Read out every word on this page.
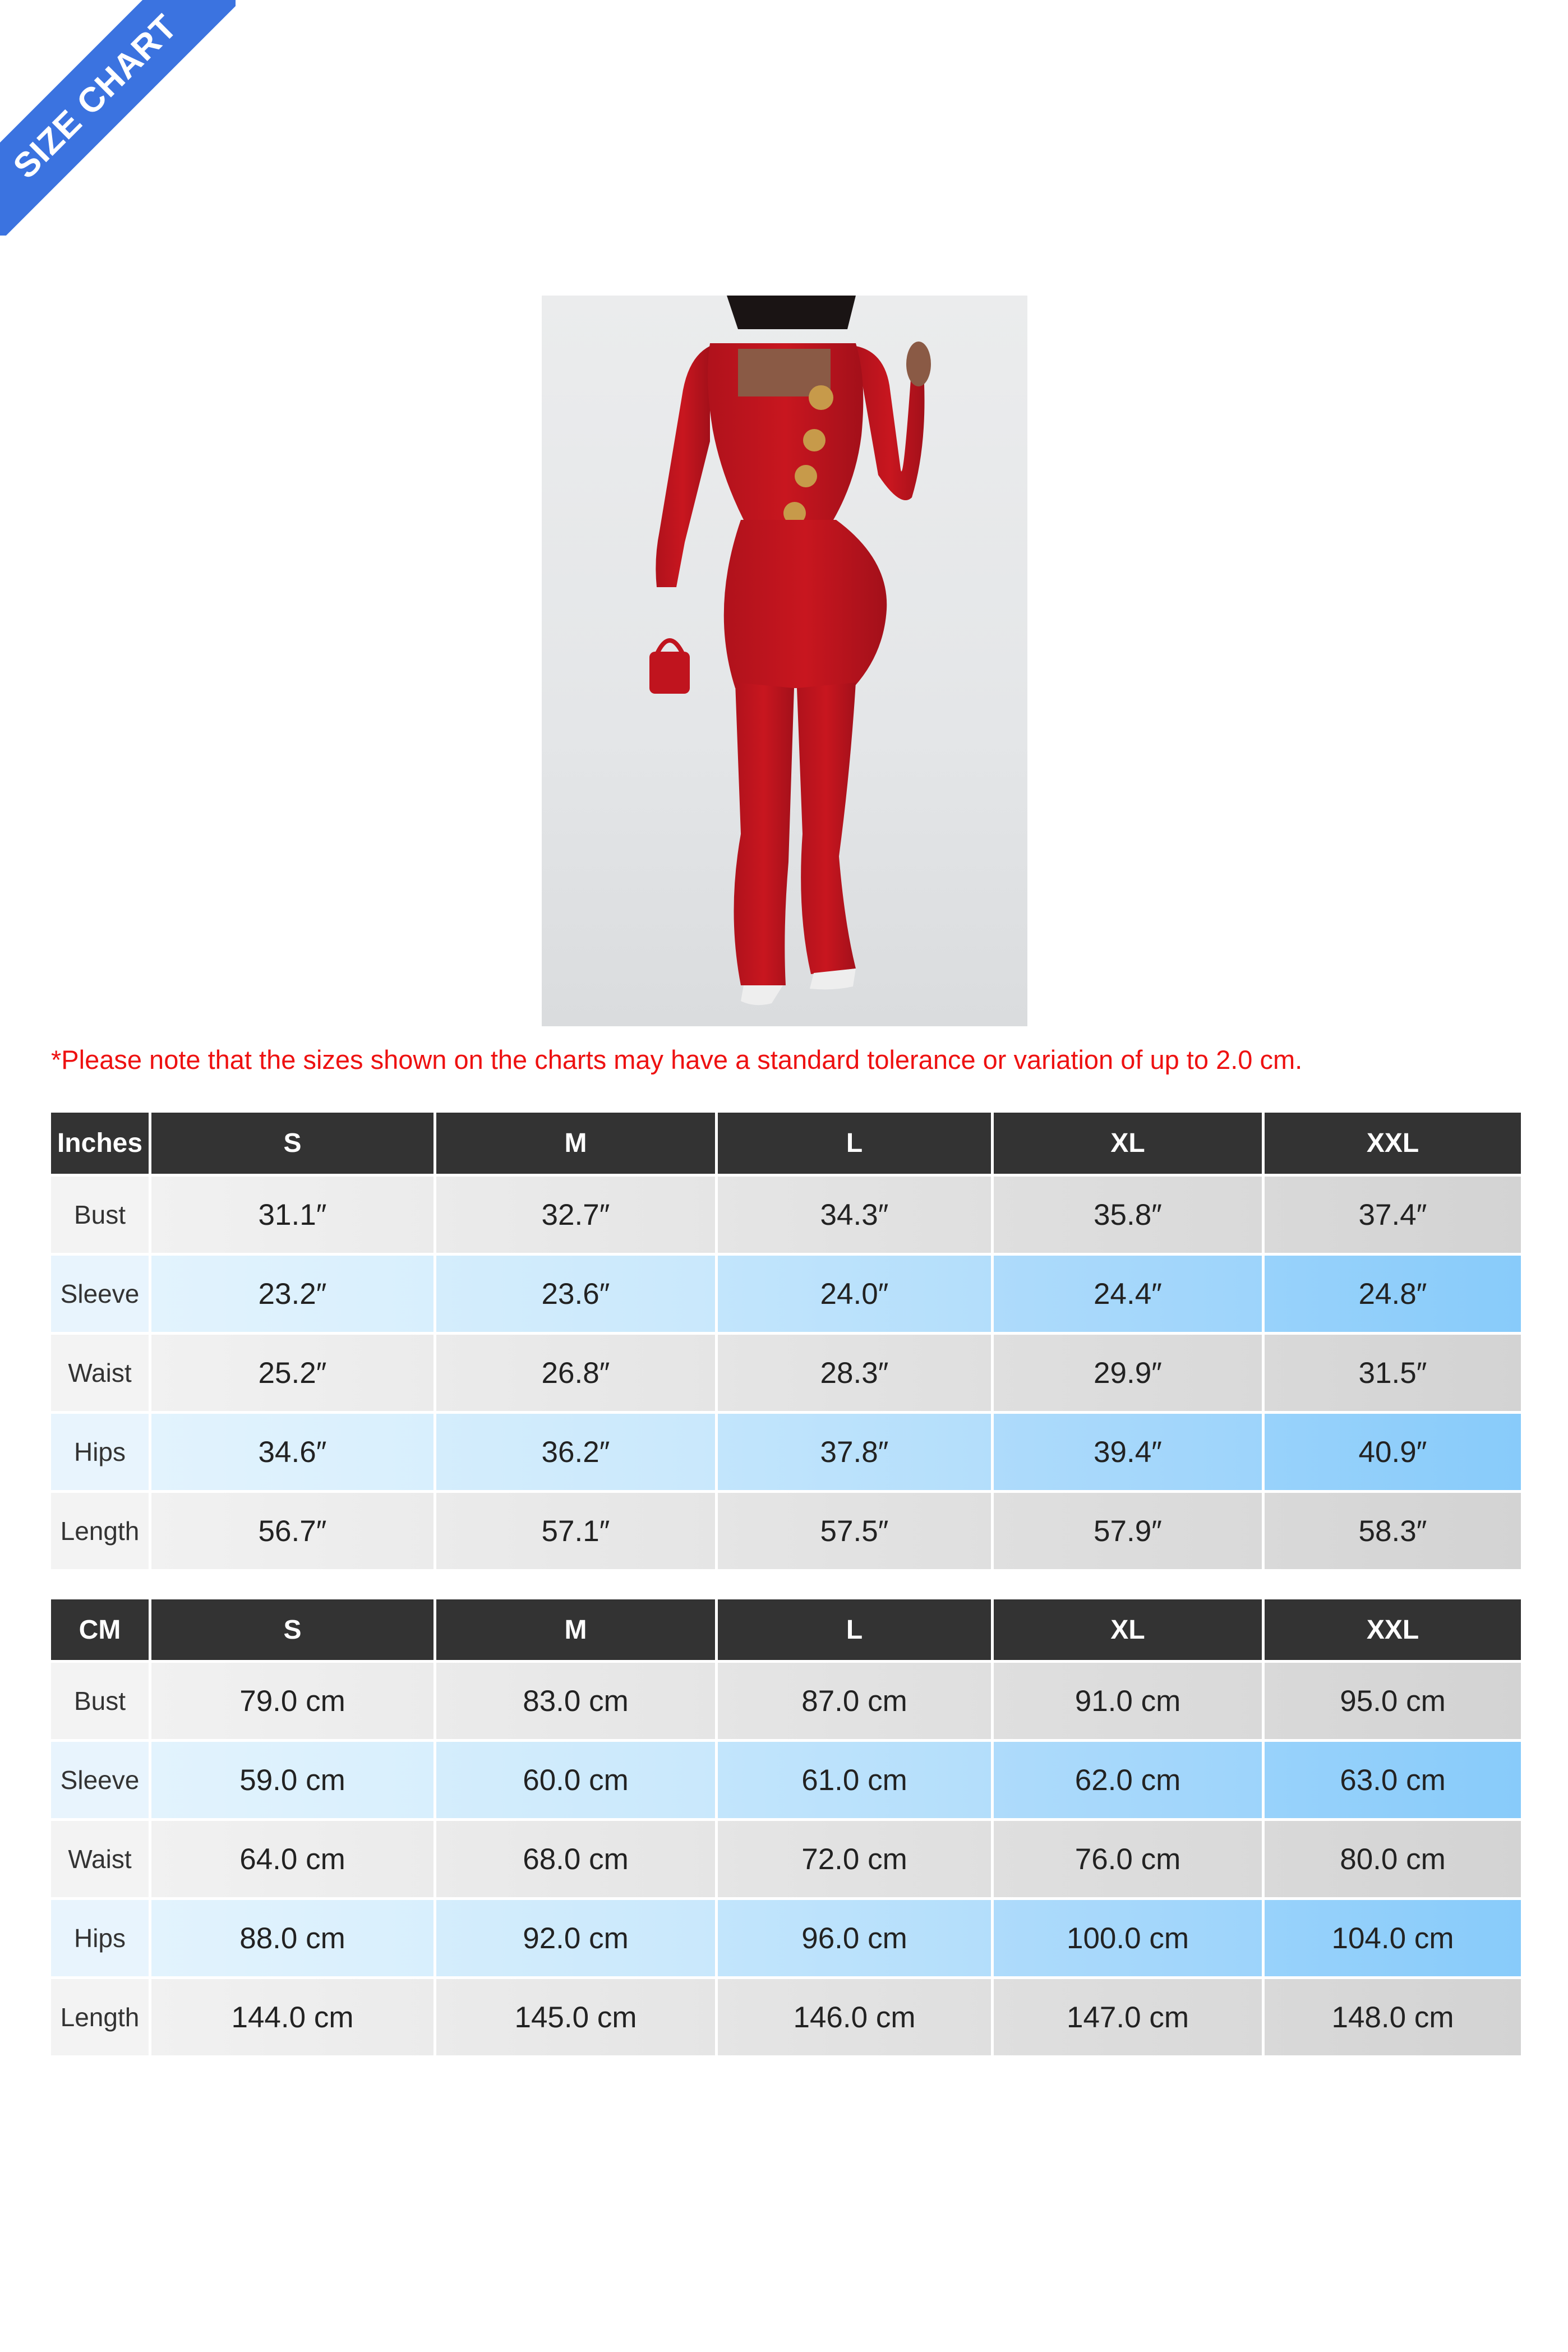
SIZE CHART
*Please note that the sizes shown on the charts may have a standard tolerance or variation of up to 2.0 cm.
Inches	S	M	L	XL	XXL
Bust	31.1″	32.7″	34.3″	35.8″	37.4″
Sleeve	23.2″	23.6″	24.0″	24.4″	24.8″
Waist	25.2″	26.8″	28.3″	29.9″	31.5″
Hips	34.6″	36.2″	37.8″	39.4″	40.9″
Length	56.7″	57.1″	57.5″	57.9″	58.3″
CM	S	M	L	XL	XXL
Bust	79.0 cm	83.0 cm	87.0 cm	91.0 cm	95.0 cm
Sleeve	59.0 cm	60.0 cm	61.0 cm	62.0 cm	63.0 cm
Waist	64.0 cm	68.0 cm	72.0 cm	76.0 cm	80.0 cm
Hips	88.0 cm	92.0 cm	96.0 cm	100.0 cm	104.0 cm
Length	144.0 cm	145.0 cm	146.0 cm	147.0 cm	148.0 cm
